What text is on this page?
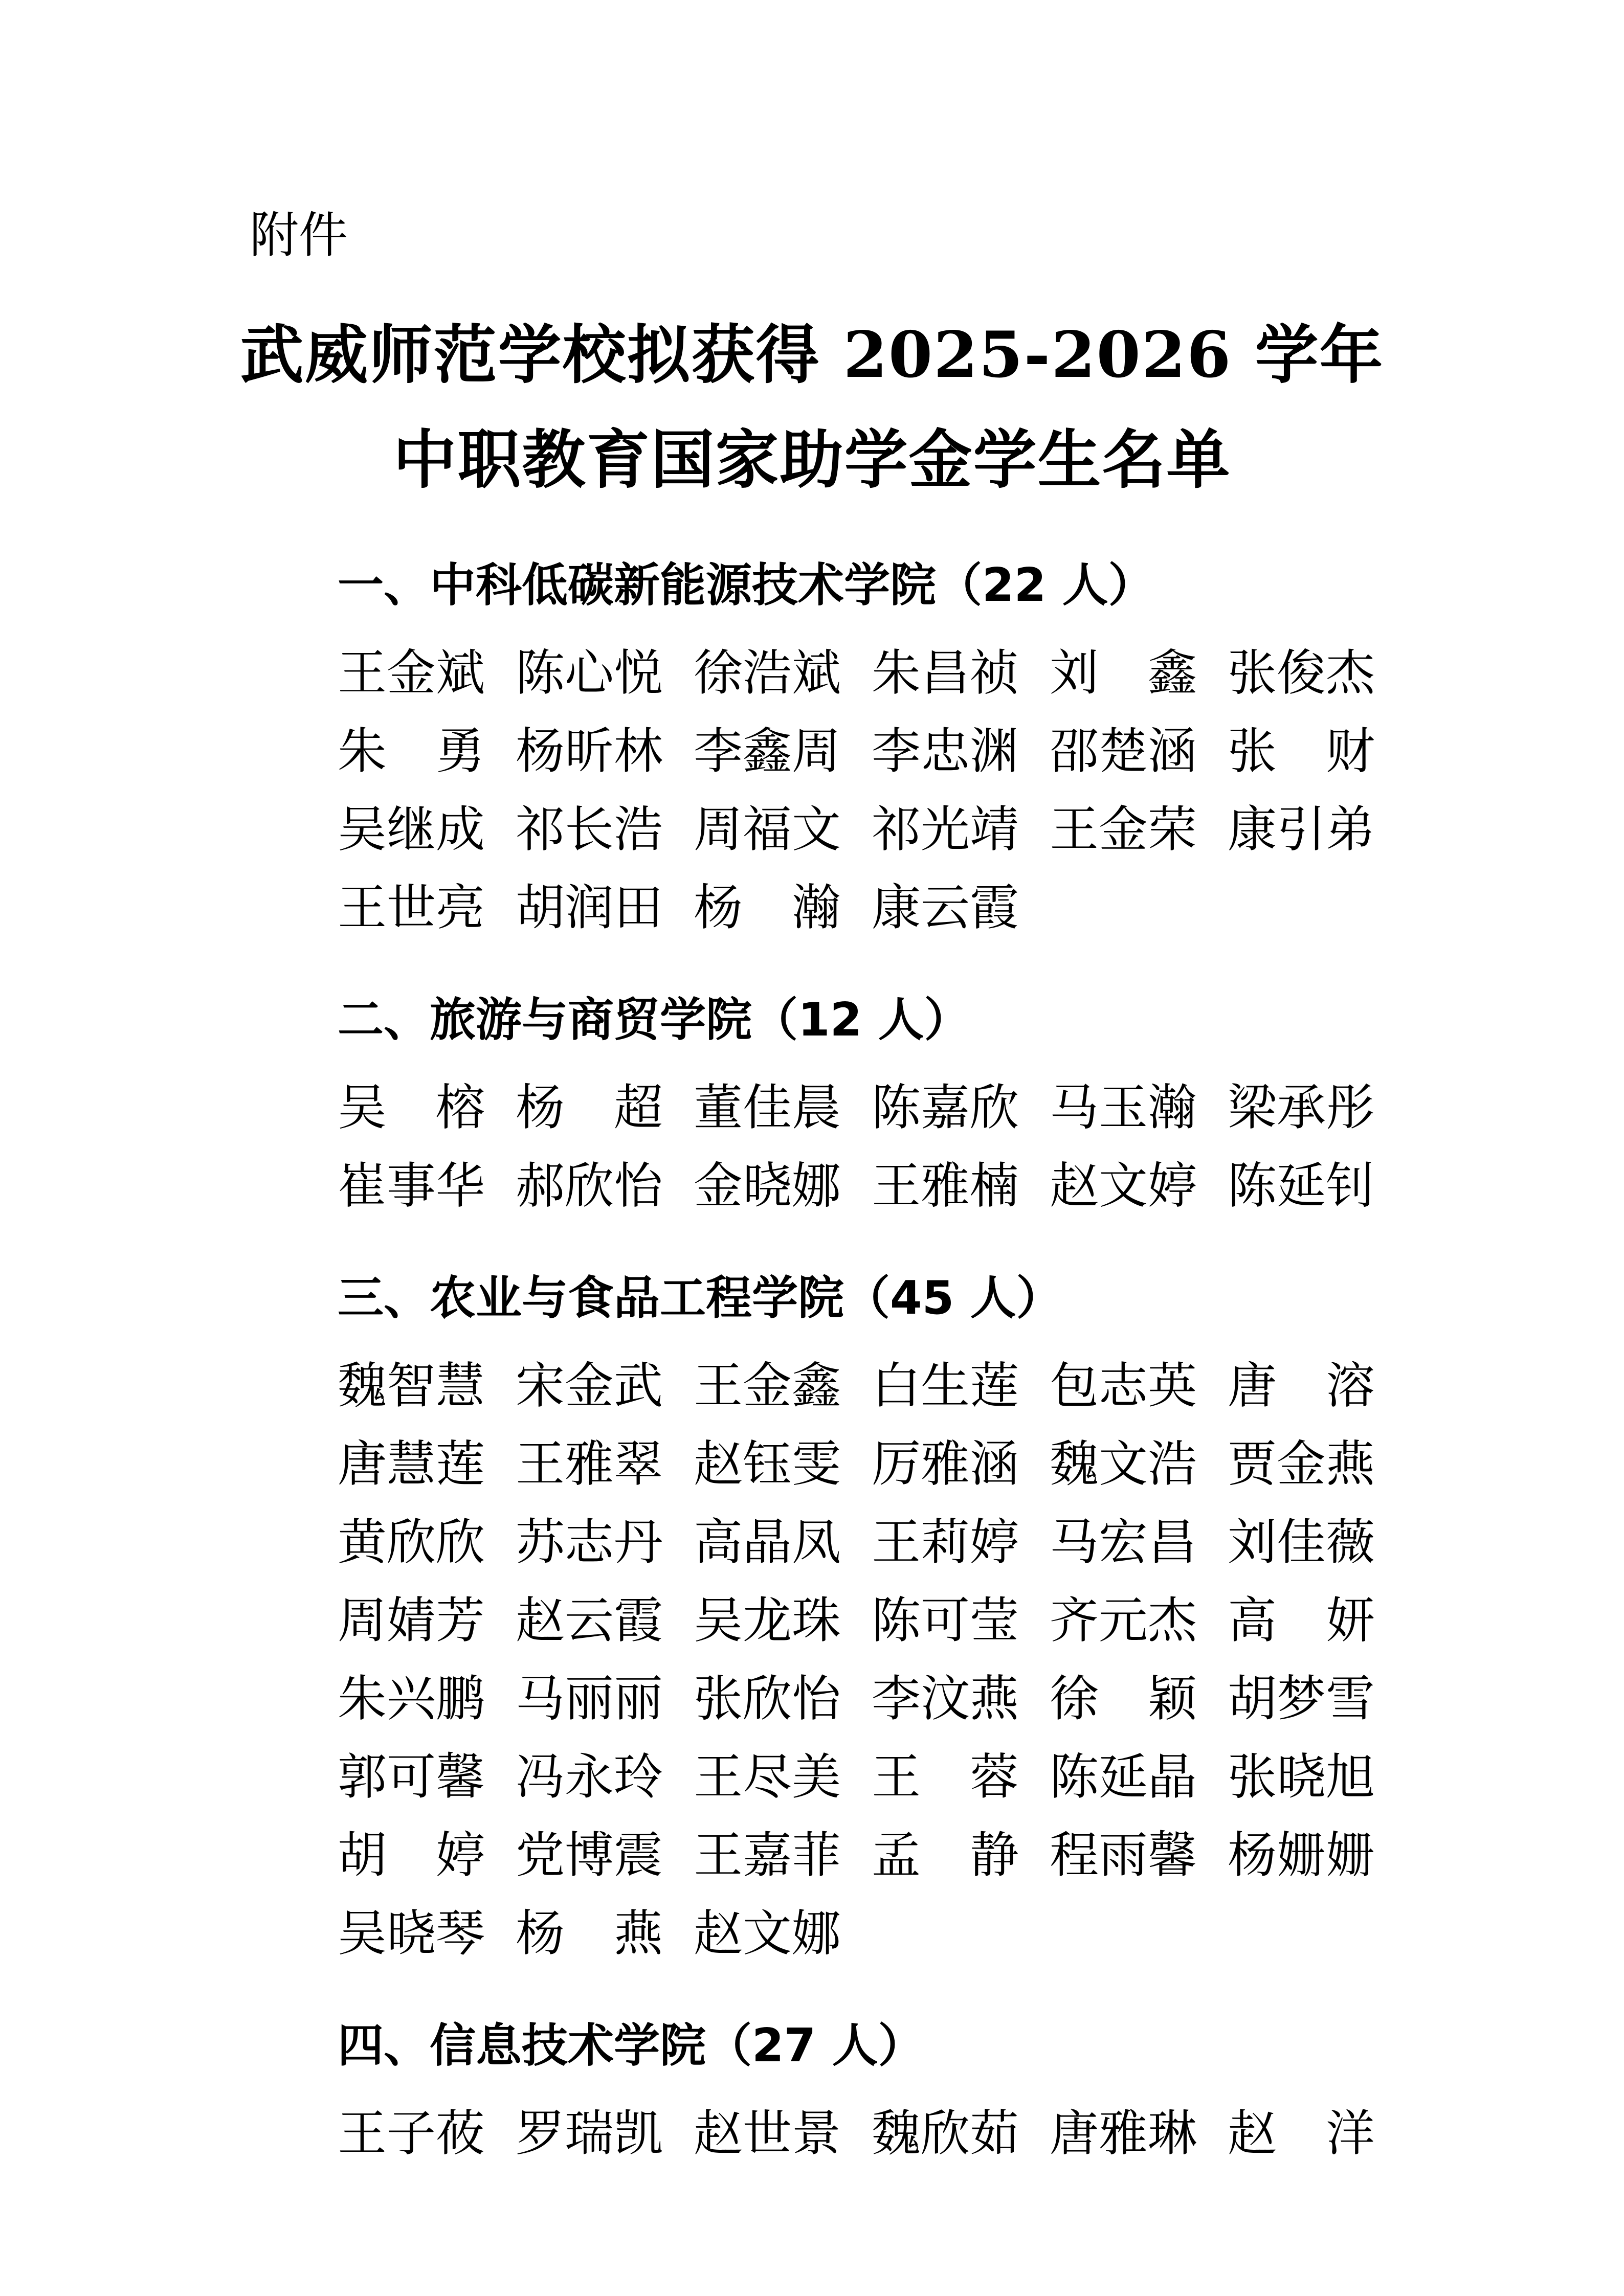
附件

武威师范学校拟获得 2025-2026 学年
中职教育国家助学金学生名单
一、中科低碳新能源技术学院（22 人）
王金斌 陈心悦 徐浩斌 朱昌祯 刘　鑫 张俊杰
朱　勇 杨昕林 李鑫周 李忠渊 邵楚涵 张　财
吴继成 祁长浩 周福文 祁光靖 王金荣 康引弟
王世亮 胡润田 杨　瀚 康云霞
二、旅游与商贸学院（12 人）
吴　榕 杨　超 董佳晨 陈嘉欣 马玉瀚 梁承彤
崔事华 郝欣怡 金晓娜 王雅楠 赵文婷 陈延钊
三、农业与食品工程学院（45 人）
魏智慧 宋金武 王金鑫 白生莲 包志英 唐　溶
唐慧莲 王雅翠 赵钰雯 厉雅涵 魏文浩 贾金燕
黄欣欣 苏志丹 高晶凤 王莉婷 马宏昌 刘佳薇
周婧芳 赵云霞 吴龙珠 陈可莹 齐元杰 高　妍
朱兴鹏 马丽丽 张欣怡 李汶燕 徐　颖 胡梦雪
郭可馨 冯永玲 王尽美 王　蓉 陈延晶 张晓旭
胡　婷 党博震 王嘉菲 孟　静 程雨馨 杨姗姗
吴晓琴 杨　燕 赵文娜
四、信息技术学院（27 人）
王子莜 罗瑞凯 赵世景 魏欣茹 唐雅琳 赵　洋
